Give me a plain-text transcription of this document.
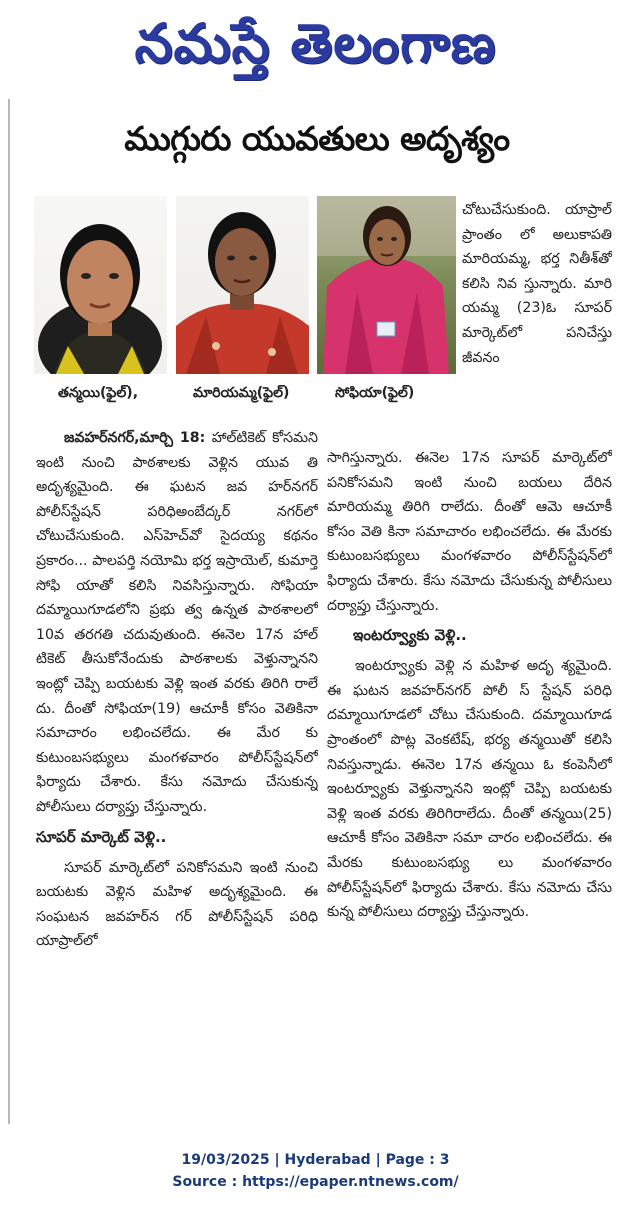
నమస్తే తెలంగాణ
ముగ్గురు యువతులు అదృశ్యం
తన్మయి(ఫైల్),	మారియమ్మ(ఫైల్)	సోఫియా(ఫైల్)

జవహర్‌నగర్,మార్చి 18: హాల్‌టికెట్ కోసమని ఇంటి నుంచి పాఠశాలకు వెళ్లిన యువ తి అదృశ్యమైంది. ఈ ఘటన జవ హర్‌నగర్ పోలీస్‌స్టేషన్ పరిధిఅంబేద్కర్ నగర్‌లో చోటుచేసుకుంది. ఎస్‌హెచ్‌వో సైదయ్య కథనం ప్రకారం... పాలపర్తి నయోమి భర్త ఇస్రాయెల్, కుమార్తె సోఫి యాతో కలిసి నివసిస్తున్నారు. సోఫియా దమ్మాయిగూడలోని ప్రభు త్వ ఉన్నత పాఠశాలలో 10వ తరగతి చదువుతుంది. ఈనెల 17న హాల్ టికెట్ తీసుకోనేందుకు పాఠశాలకు వెళ్తున్నానని ఇంట్లో చెప్పి బయటకు వెళ్లి ఇంత వరకు తిరిగి రాలే దు. దీంతో సోఫియా(19) ఆచూకీ కోసం వెతికినా సమాచారం లభించలేదు. ఈ మేర కు కుటుంబసభ్యులు మంగళవారం పోలీస్‌స్టేషన్‌లో ఫిర్యాదు చేశారు. కేసు నమోదు చేసుకున్న పోలీసులు దర్యాప్తు చేస్తున్నారు.

సూపర్ మార్కెట్ వెళ్లి..

సూపర్ మార్కెట్‌లో పనికోసమని ఇంటి నుంచి బయటకు వెళ్లిన మహిళ అదృశ్యమైంది. ఈ సంఘటన జవహర్‌న గర్ పోలీస్‌స్టేషన్ పరిధి యాప్రాల్‌లో

చోటుచేసుకుంది. యాప్రాల్ ప్రాంతం లో అలుకాపతి మారియమ్మ, భర్త నితీశ్‌తో కలిసి నివ స్తున్నారు. మారి యమ్మ (23)ఓ సూపర్ మార్కెట్‌లో పనిచేస్తు జీవనం

సాగిస్తున్నారు. ఈనెల 17న సూపర్ మార్కెట్‌లో పనికోసమని ఇంటి నుంచి బయలు దేరిన మారియమ్మ తిరిగి రాలేదు. దీంతో ఆమె ఆచూకీ కోసం వెతి కినా సమాచారం లభించలేదు. ఈ మేరకు కుటుంబసభ్యులు మంగళవారం పోలీస్‌స్టేషన్‌లో ఫిర్యాదు చేశారు. కేసు నమోదు చేసుకున్న పోలీసులు దర్యాప్తు చేస్తున్నారు.

ఇంటర్వ్యూకు వెళ్లి..

ఇంటర్వ్యూకు వెళ్లి న మహిళ అదృ శ్యమైంది. ఈ ఘటన జవహర్‌నగర్ పోలీ స్ స్టేషన్ పరిధి దమ్మాయిగూడలో చోటు చేసుకుంది. దమ్మాయిగూడ ప్రాంతంలో పొట్ల వెంకటేష్, భర్య తన్మయితో కలిసి నివస్తున్నాడు. ఈనెల 17న తన్మయి ఓ కంపెనీలో ఇంటర్వ్యూకు వెళ్తున్నానని ఇంట్లో చెప్పి బయటకు వెళ్లి ఇంత వరకు తిరిగిరాలేదు. దీంతో తన్మయి(25) ఆచూకీ కోసం వెతికినా సమా చారం లభించలేదు. ఈ మేరకు కుటుంబసభ్యు లు మంగళవారం పోలీస్‌స్టేషన్‌లో ఫిర్యాదు చేశారు. కేసు నమోదు చేసు కున్న పోలీసులు దర్యాప్తు చేస్తున్నారు.

19/03/2025 | Hyderabad | Page : 3
Source : https://epaper.ntnews.com/
